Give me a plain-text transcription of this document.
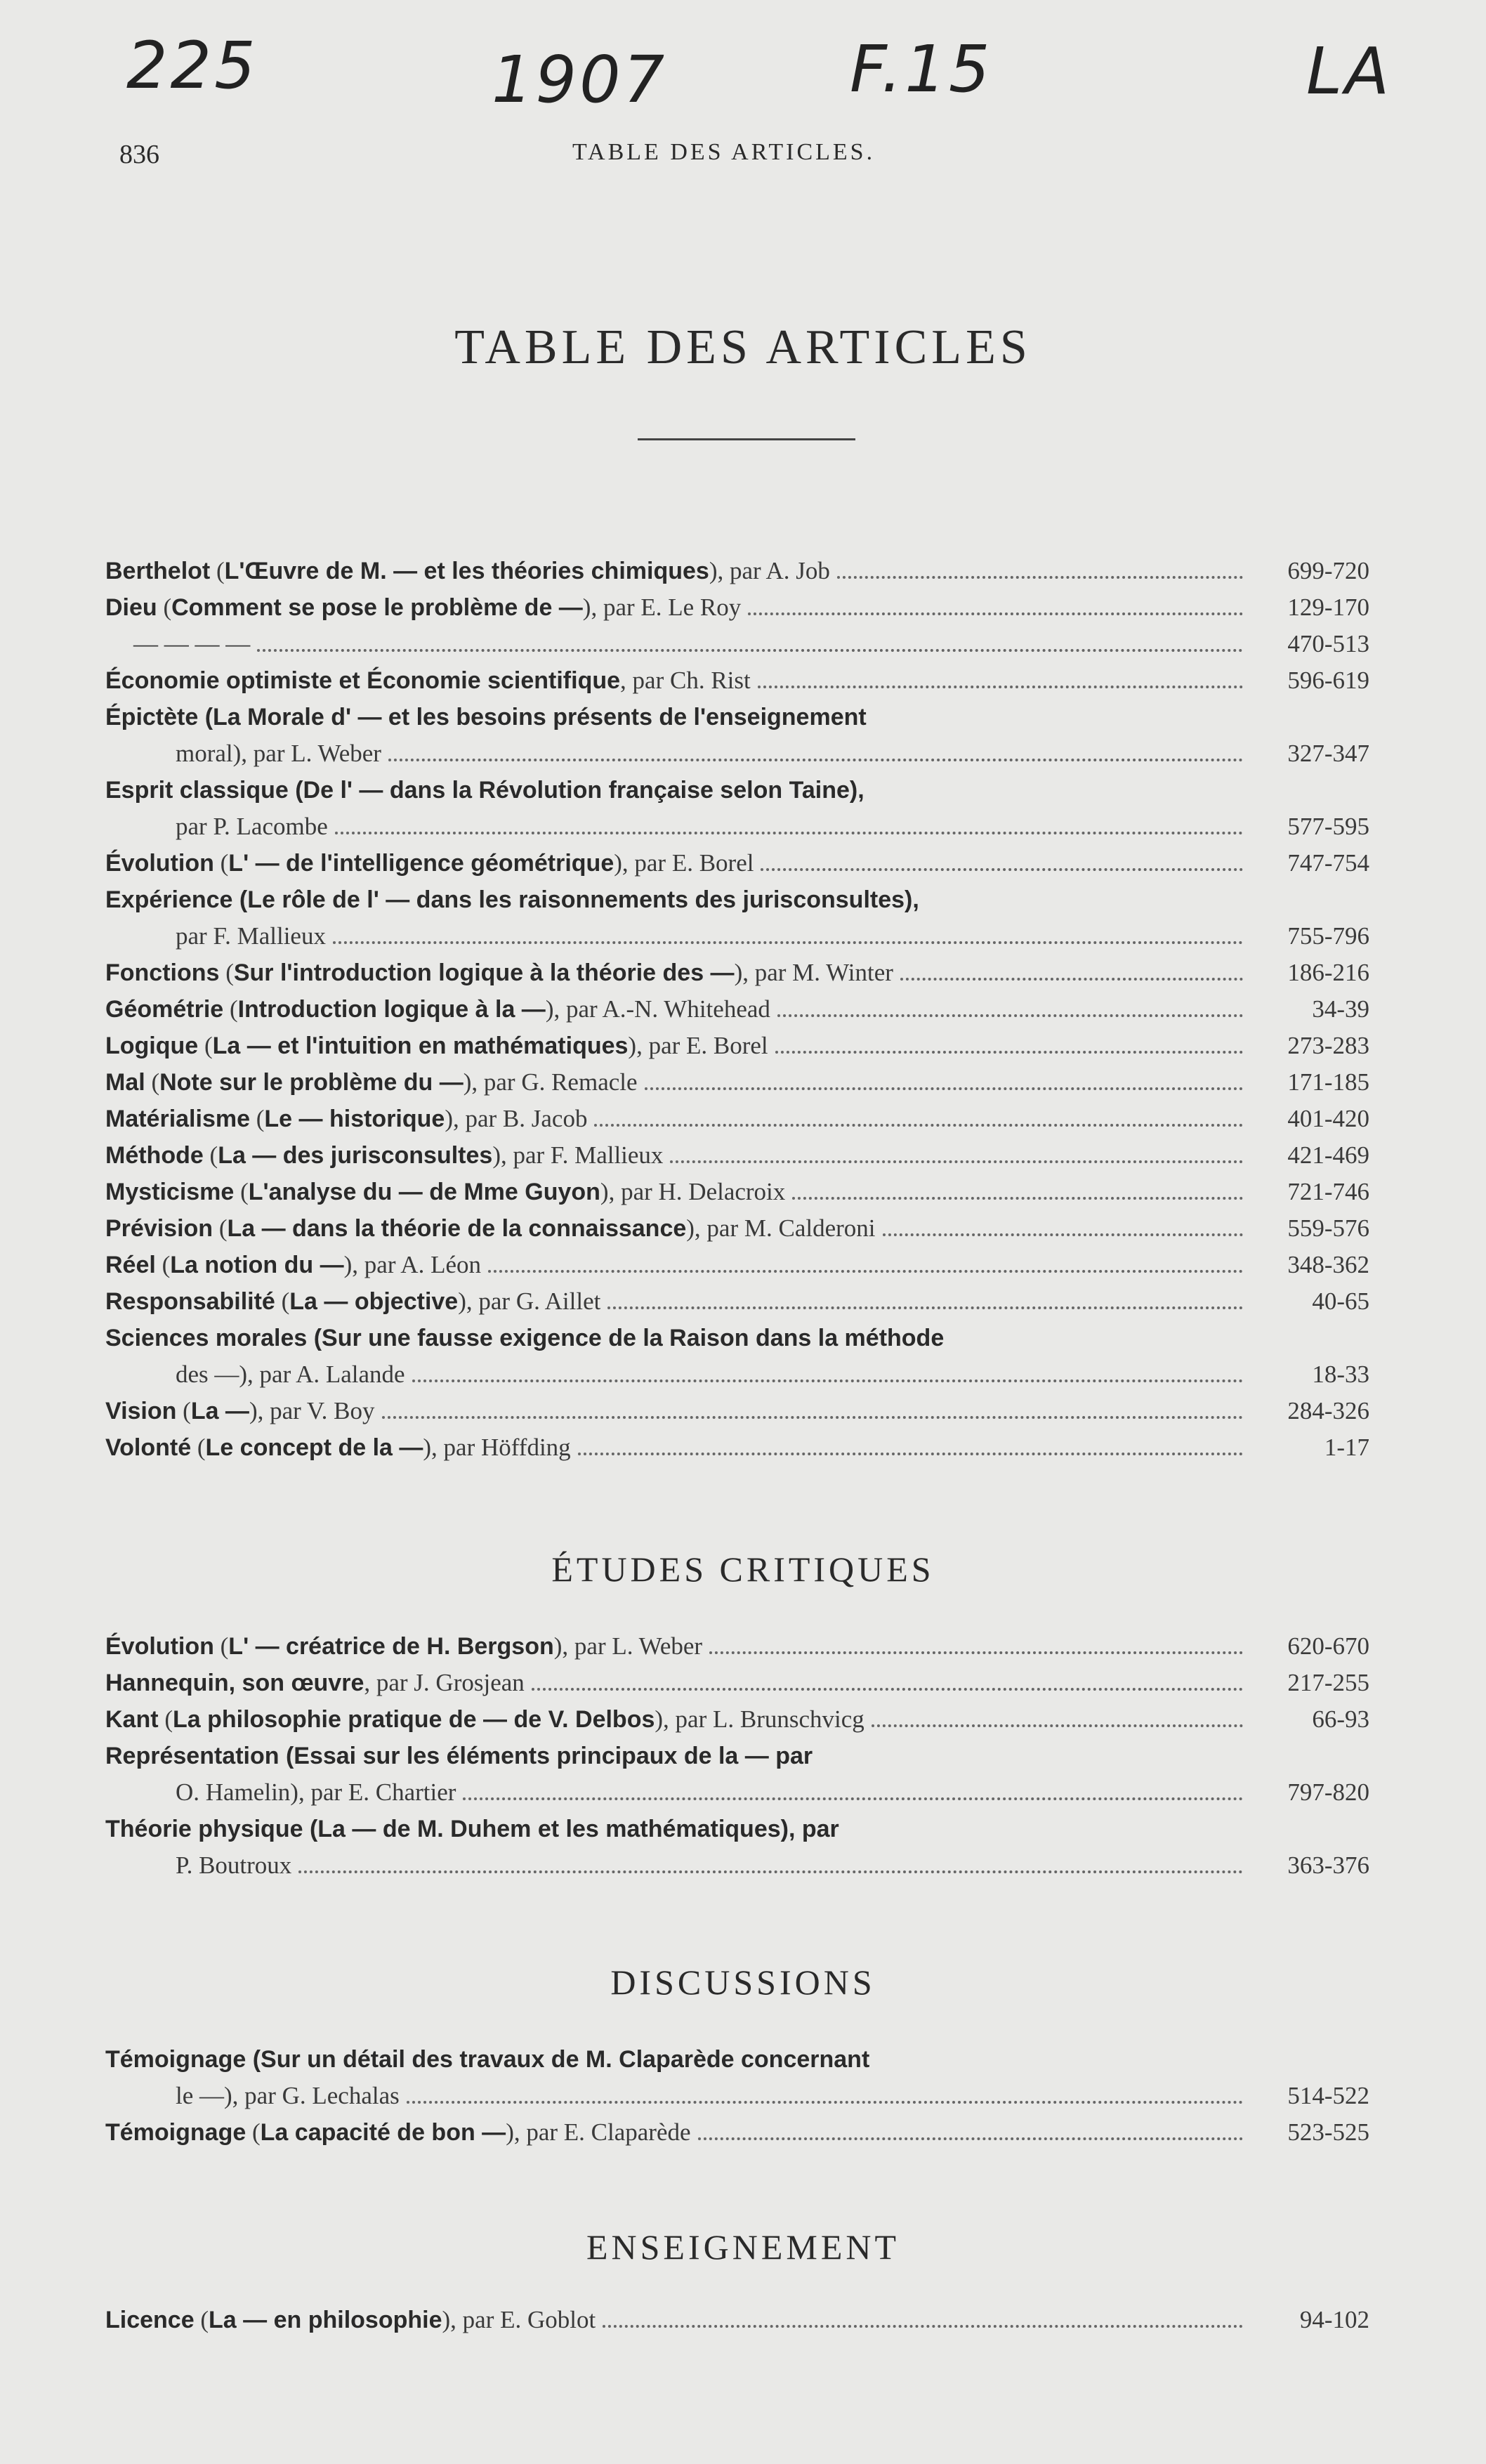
225	1907	F.15	LA
836	TABLE DES ARTICLES.
TABLE DES ARTICLES
Berthelot (L'Œuvre de M. — et les théories chimiques), par A. Job	699-720
Dieu (Comment se pose le problème de —), par E. Le Roy	129-170
— — — —	470-513
Économie optimiste et Économie scientifique, par Ch. Rist	596-619
Épictète (La Morale d' — et les besoins présents de l'enseignement
moral), par L. Weber	327-347
Esprit classique (De l' — dans la Révolution française selon Taine),
par P. Lacombe	577-595
Évolution (L' — de l'intelligence géométrique), par E. Borel	747-754
Expérience (Le rôle de l' — dans les raisonnements des jurisconsultes),
par F. Mallieux	755-796
Fonctions (Sur l'introduction logique à la théorie des —), par M. Winter	186-216
Géométrie (Introduction logique à la —), par A.-N. Whitehead	34-39
Logique (La — et l'intuition en mathématiques), par E. Borel	273-283
Mal (Note sur le problème du —), par G. Remacle	171-185
Matérialisme (Le — historique), par B. Jacob	401-420
Méthode (La — des jurisconsultes), par F. Mallieux	421-469
Mysticisme (L'analyse du — de Mme Guyon), par H. Delacroix	721-746
Prévision (La — dans la théorie de la connaissance), par M. Calderoni	559-576
Réel (La notion du —), par A. Léon	348-362
Responsabilité (La — objective), par G. Aillet	40-65
Sciences morales (Sur une fausse exigence de la Raison dans la méthode
des —), par A. Lalande	18-33
Vision (La —), par V. Boy	284-326
Volonté (Le concept de la —), par Höffding	1-17
ÉTUDES CRITIQUES
Évolution (L' — créatrice de H. Bergson), par L. Weber	620-670
Hannequin, son œuvre, par J. Grosjean	217-255
Kant (La philosophie pratique de — de V. Delbos), par L. Brunschvicg	66-93
Représentation (Essai sur les éléments principaux de la — par
O. Hamelin), par E. Chartier	797-820
Théorie physique (La — de M. Duhem et les mathématiques), par
P. Boutroux	363-376
DISCUSSIONS
Témoignage (Sur un détail des travaux de M. Claparède concernant
le —), par G. Lechalas	514-522
Témoignage (La capacité de bon —), par E. Claparède	523-525
ENSEIGNEMENT
Licence (La — en philosophie), par E. Goblot	94-102
